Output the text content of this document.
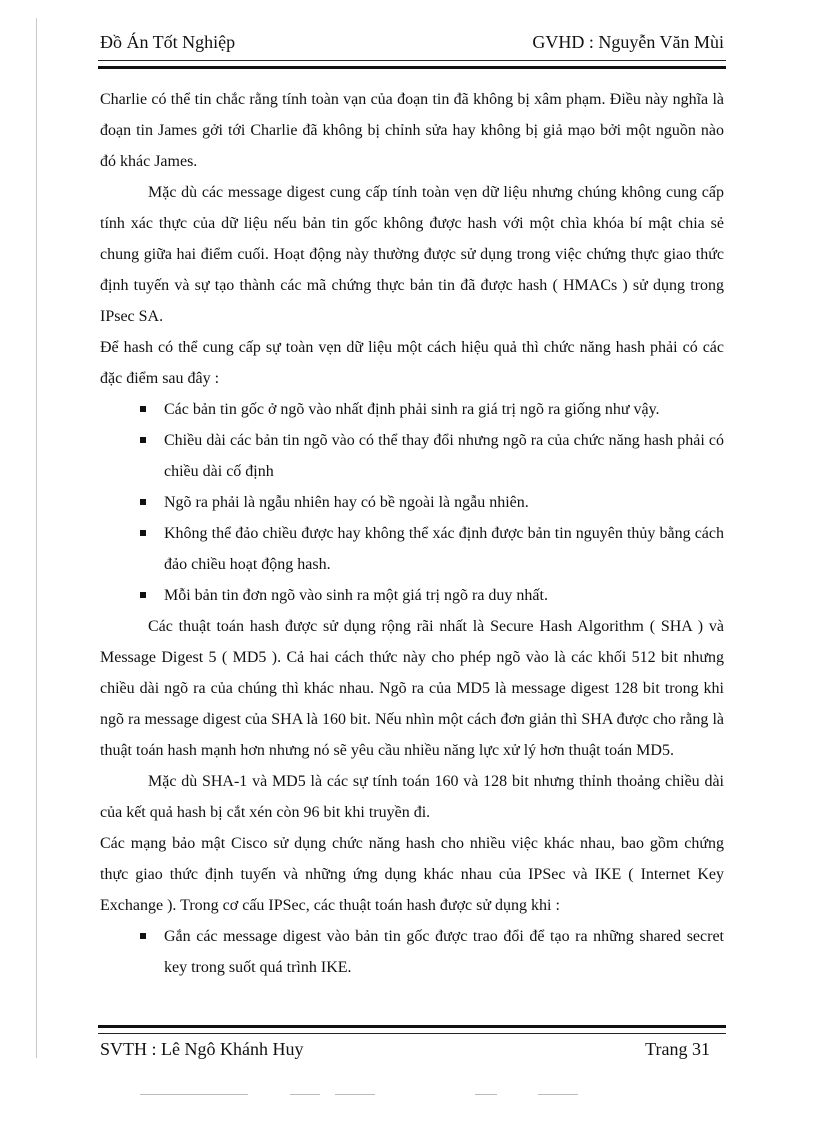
Đồ Án Tốt Nghiệp	GVHD : Nguyễn Văn Mùi

Charlie có thể tin chắc rằng tính toàn vạn của đoạn tin đã không bị xâm phạm. Điều này nghĩa là đoạn tin James gởi tới Charlie đã không bị chỉnh sửa hay không bị giả mạo bởi một nguồn nào đó khác James.

Mặc dù các message digest cung cấp tính toàn vẹn dữ liệu nhưng chúng không cung cấp tính xác thực của dữ liệu nếu bản tin gốc không được hash với một chìa khóa bí mật chia sẻ chung giữa hai điểm cuối. Hoạt động này thường được sử dụng trong việc chứng thực giao thức định tuyến và sự tạo thành các mã chứng thực bản tin đã được hash ( HMACs ) sử dụng trong IPsec SA.

Để hash có thể cung cấp sự toàn vẹn dữ liệu một cách hiệu quả thì chức năng hash phải có các đặc điểm sau đây :

Các bản tin gốc ở ngõ vào nhất định phải sinh ra giá trị ngõ ra giống như vậy.
Chiều dài các bản tin ngõ vào có thể thay đổi nhưng ngõ ra của chức năng hash phải có chiều dài cố định
Ngõ ra phải là ngẫu nhiên hay có bề ngoài là ngẫu nhiên.
Không thể đảo chiều được hay không thể xác định được bản tin nguyên thủy bằng cách đảo chiều hoạt động hash.
Mỗi bản tin đơn ngõ vào sinh ra một giá trị ngõ ra duy nhất.

Các thuật toán hash được sử dụng rộng rãi nhất là Secure Hash Algorithm ( SHA ) và Message Digest 5 ( MD5 ). Cả hai cách thức này cho phép ngõ vào là các khối 512 bit nhưng chiều dài ngõ ra của chúng thì khác nhau. Ngõ ra của MD5 là message digest 128 bit trong khi ngõ ra message digest của SHA là 160 bit. Nếu nhìn một cách đơn giản thì SHA được cho rằng là thuật toán hash mạnh hơn nhưng nó sẽ yêu cầu nhiều năng lực xử lý hơn thuật toán MD5.

Mặc dù SHA-1 và MD5 là các sự tính toán 160 và 128 bit nhưng thỉnh thoảng chiều dài của kết quả hash bị cắt xén còn 96 bit khi truyền đi.

Các mạng bảo mật Cisco sử dụng chức năng hash cho nhiều việc khác nhau, bao gồm chứng thực giao thức định tuyến và những ứng dụng khác nhau của IPSec và IKE ( Internet Key Exchange ). Trong cơ cấu IPSec, các thuật toán hash được sử dụng khi :

Gắn các message digest vào bản tin gốc được trao đổi để tạo ra những shared secret key trong suốt quá trình IKE.
SVTH : Lê Ngô Khánh Huy	Trang 31
